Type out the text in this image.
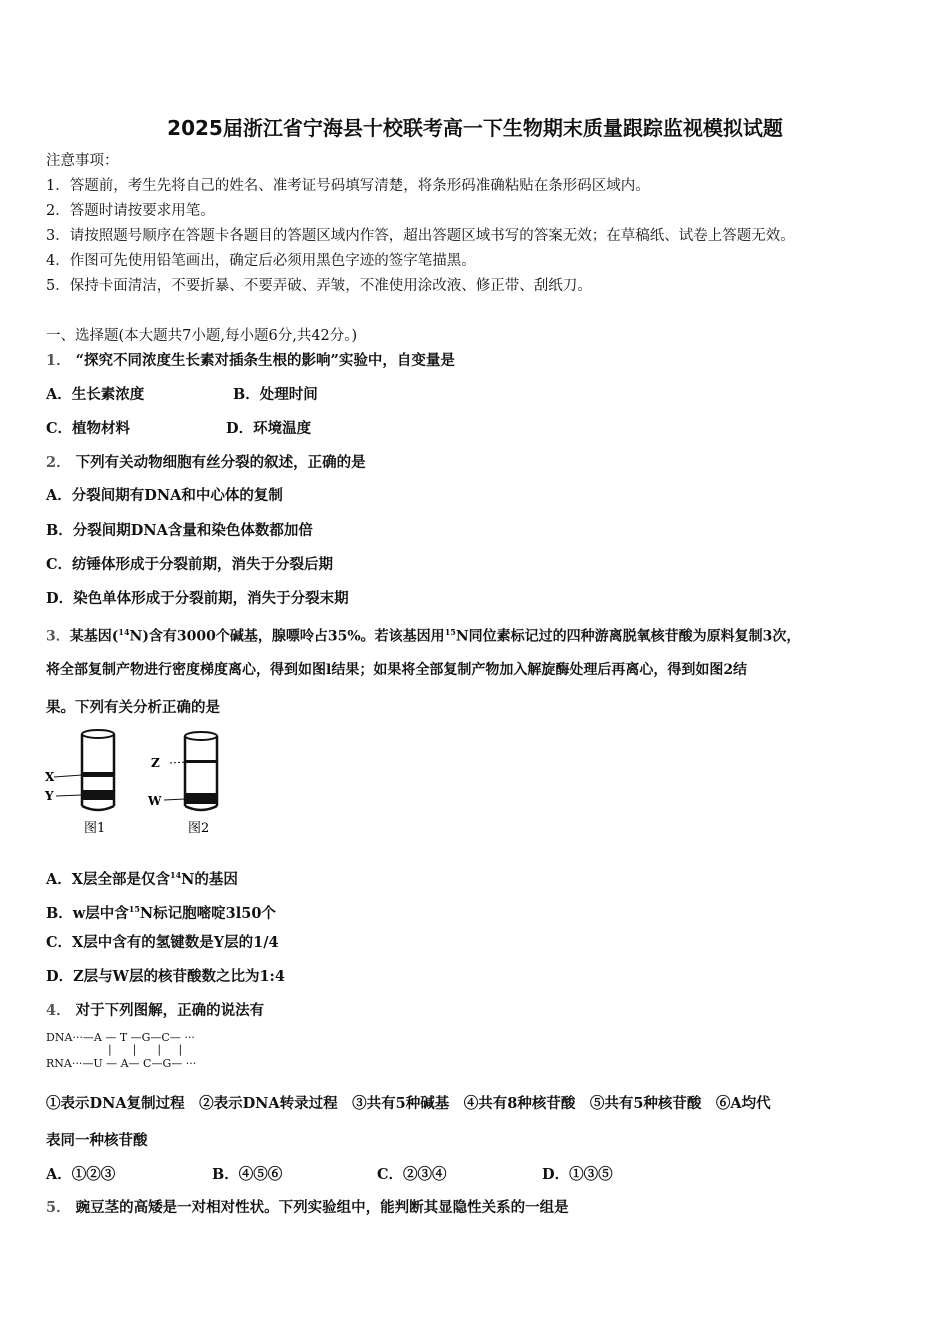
2025届浙江省宁海县十校联考高一下生物期末质量跟踪监视模拟试题
注意事项：
1．答题前，考生先将自己的姓名、准考证号码填写清楚，将条形码准确粘贴在条形码区域内。
2．答题时请按要求用笔。
3．请按照题号顺序在答题卡各题目的答题区域内作答，超出答题区域书写的答案无效；在草稿纸、试卷上答题无效。
4．作图可先使用铅笔画出，确定后必须用黑色字迹的签字笔描黑。
5．保持卡面清洁，不要折暴、不要弄破、弄皱，不准使用涂改液、修正带、刮纸刀。
一、选择题(本大题共7小题,每小题6分,共42分。)
1． “探究不同浓度生长素对插条生根的影响”实验中，自变量是
A．生长素浓度	B．处理时间
C．植物材料	D．环境温度
2． 下列有关动物细胞有丝分裂的叙述，正确的是
A．分裂间期有DNA和中心体的复制
B．分裂间期DNA含量和染色体数都加倍
C．纺锤体形成于分裂前期，消失于分裂后期
D．染色单体形成于分裂前期，消失于分裂末期
3．某基因($^{14}$N)含有3000个碱基，腺嘌呤占35%。若该基因用$^{15}$N同位素标记过的四种游离脱氧核苷酸为原料复制3次，
将全部复制产物进行密度梯度离心，得到如图l结果；如果将全部复制产物加入解旋酶处理后再离心，得到如图2结
果。下列有关分析正确的是
X
Y
图1
Z
W
图2
A．X层全部是仅含$^{14}$N的基因
B．w层中含$^{15}$N标记胞嘧啶3l50个
C．X层中含有的氢键数是Y层的1/4
D．Z层与W层的核苷酸数之比为1:4
4． 对于下列图解，正确的说法有
DNA···—A — T —G—C— ···
|      |      |     |
RNA···—U — A— C—G— ···
①表示DNA复制过程　②表示DNA转录过程　③共有5种碱基　④共有8种核苷酸　⑤共有5种核苷酸　⑥A均代
表同一种核苷酸
A．①②③	B．④⑤⑥	C．②③④	D．①③⑤
5． 豌豆茎的高矮是一对相对性状。下列实验组中，能判断其显隐性关系的一组是
